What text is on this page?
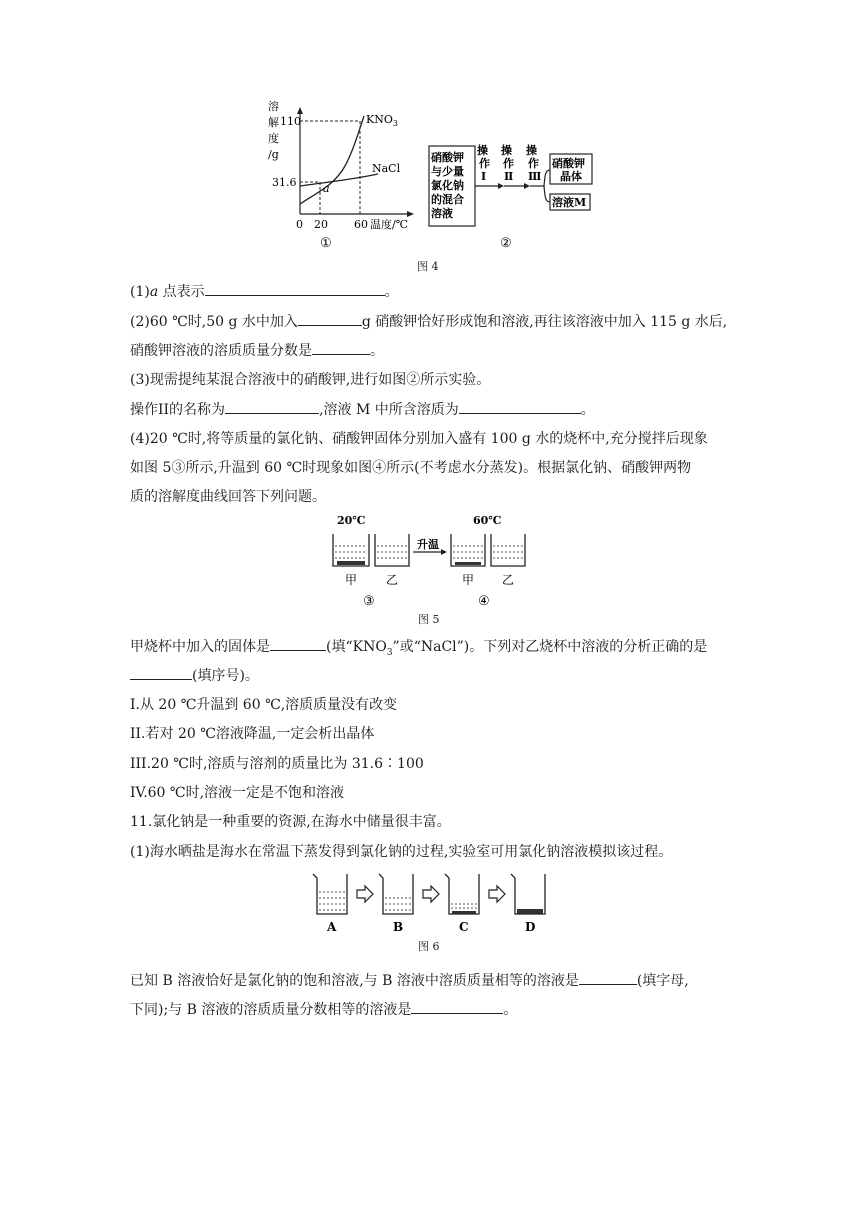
溶
解
度
/g
110
31.6
$KNO_3$
NaCl
a
0 20 60 温度/℃
①
硝酸钾
与少量
氯化钠
的混合
溶液
操
作
Ⅰ
操
作
Ⅱ
操
作
Ⅲ
硝酸钾
晶体
溶液M
②
图 4
(1)a 点表示	。
(2)60 ℃时,50 g 水中加入	g 硝酸钾恰好形成饱和溶液,再往该溶液中加入 115 g 水后,
硝酸钾溶液的溶质质量分数是	。
(3)现需提纯某混合溶液中的硝酸钾,进行如图②所示实验。
操作II的名称为	,溶液 M 中所含溶质为	。
(4)20 ℃时,将等质量的氯化钠、硝酸钾固体分别加入盛有 100 g 水的烧杯中,充分搅拌后现象
如图 5③所示,升温到 60 ℃时现象如图④所示(不考虑水分蒸发)。根据氯化钠、硝酸钾两物
质的溶解度曲线回答下列问题。
20℃	60℃
升温
甲 乙	甲 乙
③	④
图 5
甲烧杯中加入的固体是	(填“$KNO_3$”或“NaCl”)。下列对乙烧杯中溶液的分析正确的是
(填序号)。
I.从 20 ℃升温到 60 ℃,溶质质量没有改变
II.若对 20 ℃溶液降温,一定会析出晶体
III.20 ℃时,溶质与溶剂的质量比为 31.6∶100
IV.60 ℃时,溶液一定是不饱和溶液
11.氯化钠是一种重要的资源,在海水中储量很丰富。
(1)海水晒盐是海水在常温下蒸发得到氯化钠的过程,实验室可用氯化钠溶液模拟该过程。
A	B	C	D
图 6
已知 B 溶液恰好是氯化钠的饱和溶液,与 B 溶液中溶质质量相等的溶液是	(填字母,
下同);与 B 溶液的溶质质量分数相等的溶液是	。
